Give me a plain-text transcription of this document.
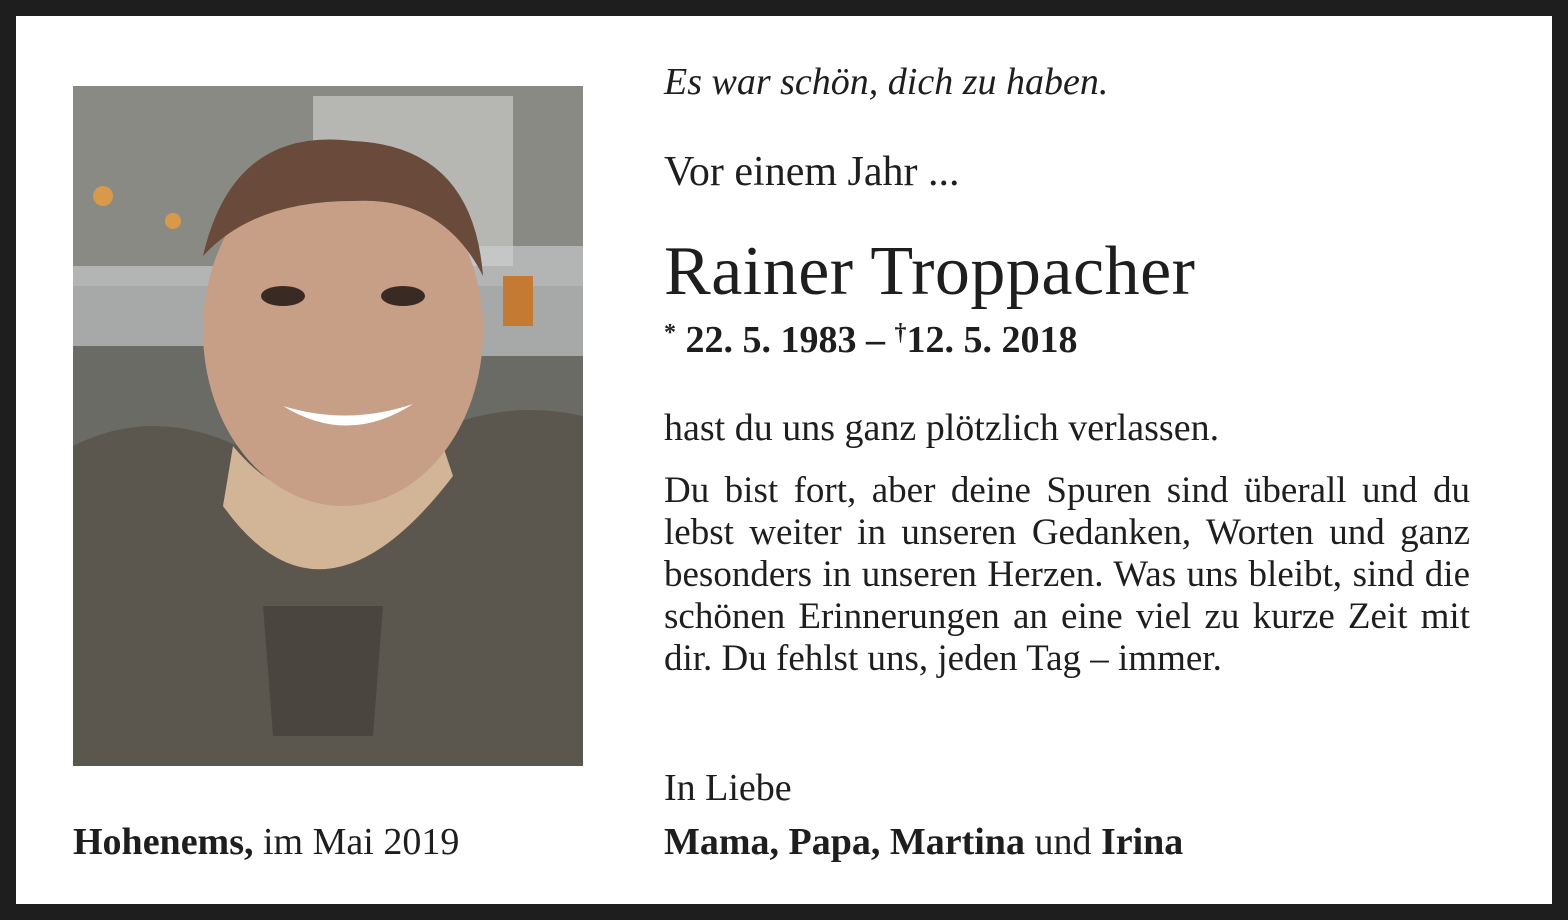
Es war schön, dich zu haben.
Vor einem Jahr ...
Rainer Troppacher
* 22. 5. 1983 – †12. 5. 2018
hast du uns ganz plötzlich verlassen.
Du bist fort, aber deine Spuren sind überall und du lebst weiter in unseren Gedanken, Worten und ganz besonders in unseren Herzen. Was uns bleibt, sind die schönen Erinnerungen an eine viel zu kurze Zeit mit dir. Du fehlst uns, jeden Tag – immer.
In Liebe
Mama, Papa, Martina und Irina
Hohenems, im Mai 2019
